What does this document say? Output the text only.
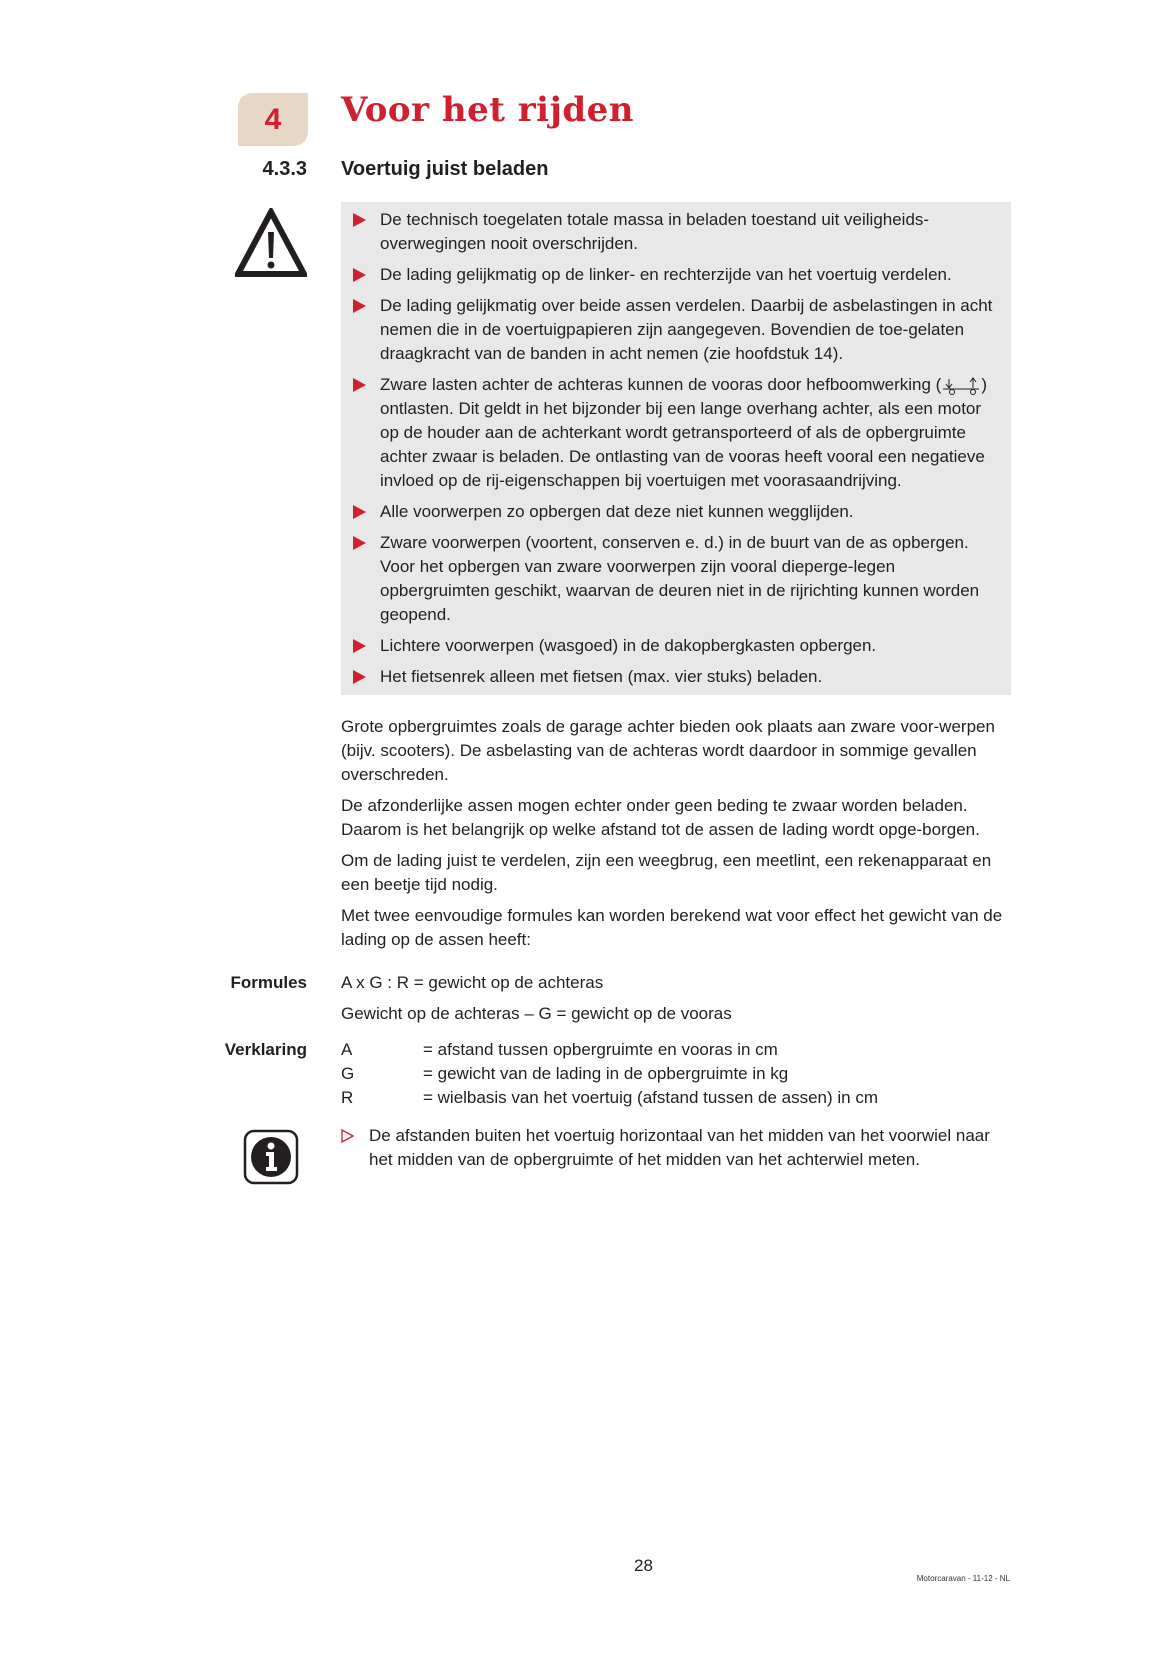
4 Voor het rijden
4.3.3 Voertuig juist beladen
De technisch toegelaten totale massa in beladen toestand uit veiligheids-overwegingen nooit overschrijden.
De lading gelijkmatig op de linker- en rechterzijde van het voertuig verdelen.
De lading gelijkmatig over beide assen verdelen. Daarbij de asbelastingen in acht nemen die in de voertuigpapieren zijn aangegeven. Bovendien de toe-gelaten draagkracht van de banden in acht nemen (zie hoofdstuk 14).
Zware lasten achter de achteras kunnen de vooras door hefboomwerking ( ) ontlasten. Dit geldt in het bijzonder bij een lange overhang achter, als een motor op de houder aan de achterkant wordt getransporteerd of als de opbergruimte achter zwaar is beladen. De ontlasting van de vooras heeft vooral een negatieve invloed op de rij-eigenschappen bij voertuigen met voorasaandrijving.
Alle voorwerpen zo opbergen dat deze niet kunnen wegglijden.
Zware voorwerpen (voortent, conserven e. d.) in de buurt van de as opbergen. Voor het opbergen van zware voorwerpen zijn vooral dieperge-legen opbergruimten geschikt, waarvan de deuren niet in de rijrichting kunnen worden geopend.
Lichtere voorwerpen (wasgoed) in de dakopbergkasten opbergen.
Het fietsenrek alleen met fietsen (max. vier stuks) beladen.

Grote opbergruimtes zoals de garage achter bieden ook plaats aan zware voor-werpen (bijv. scooters). De asbelasting van de achteras wordt daardoor in sommige gevallen overschreden.

De afzonderlijke assen mogen echter onder geen beding te zwaar worden beladen. Daarom is het belangrijk op welke afstand tot de assen de lading wordt opge-borgen.

Om de lading juist te verdelen, zijn een weegbrug, een meetlint, een rekenapparaat en een beetje tijd nodig.

Met twee eenvoudige formules kan worden berekend wat voor effect het gewicht van de lading op de assen heeft:

Formules A x G : R = gewicht op de achteras
Gewicht op de achteras – G = gewicht op de vooras
Verklaring A	= afstand tussen opbergruimte en vooras in cm
G	= gewicht van de lading in de opbergruimte in kg
R	= wielbasis van het voertuig (afstand tussen de assen) in cm
De afstanden buiten het voertuig horizontaal van het midden van het voorwiel naar het midden van de opbergruimte of het midden van het achterwiel meten.
28
Motorcaravan - 11-12 - NL
